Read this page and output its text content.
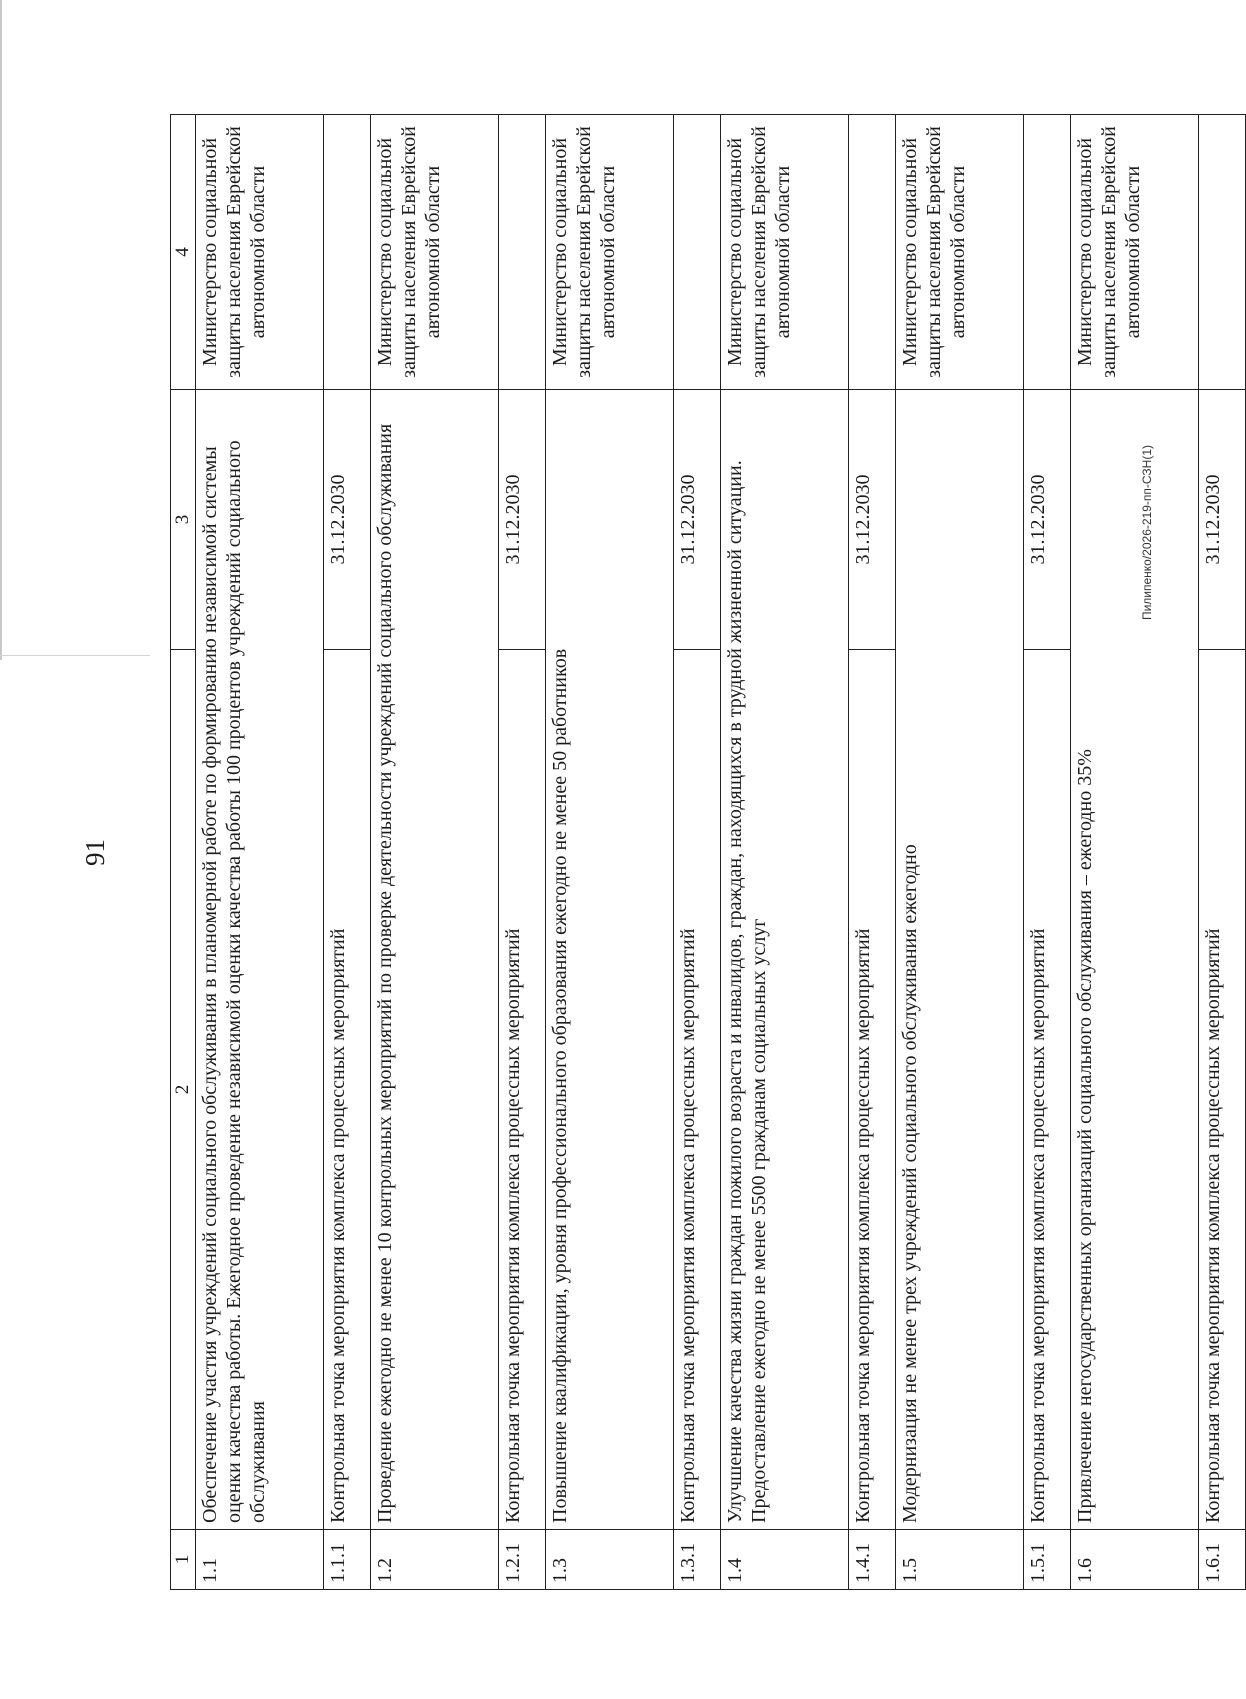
91
1	2	3	4
1.1	Обеспечение участия учреждений социального обслуживания в планомерной работе по формированию независимой системы оценки качества работы. Ежегодное проведение независимой оценки качества работы 100 процентов учреждений социального обслуживания		Министерство социальной защиты населения Еврейской автономной области
1.1.1	Контрольная точка мероприятия комплекса процессных мероприятий	31.12.2030	
1.2	Проведение ежегодно не менее 10 контрольных мероприятий по проверке деятельности учреждений социального обслуживания		Министерство социальной защиты населения Еврейской автономной области
1.2.1	Контрольная точка мероприятия комплекса процессных мероприятий	31.12.2030	
1.3	Повышение квалификации, уровня профессионального образования ежегодно не менее 50 работников		Министерство социальной защиты населения Еврейской автономной области
1.3.1	Контрольная точка мероприятия комплекса процессных мероприятий	31.12.2030	
1.4	Улучшение качества жизни граждан пожилого возраста и инвалидов, граждан, находящихся в трудной жизненной ситуации. Предоставление ежегодно не менее 5500 гражданам социальных услуг		Министерство социальной защиты населения Еврейской автономной области
1.4.1	Контрольная точка мероприятия комплекса процессных мероприятий	31.12.2030	
1.5	Модернизация не менее трех учреждений социального обслуживания ежегодно		Министерство социальной защиты населения Еврейской автономной области
1.5.1	Контрольная точка мероприятия комплекса процессных мероприятий	31.12.2030	
1.6	Привлечение негосударственных организаций социального обслуживания – ежегодно 35%		Министерство социальной защиты населения Еврейской автономной области
1.6.1	Контрольная точка мероприятия комплекса процессных мероприятий	31.12.2030	
Пилипенко/2026-219-пп-СЗН(1)
